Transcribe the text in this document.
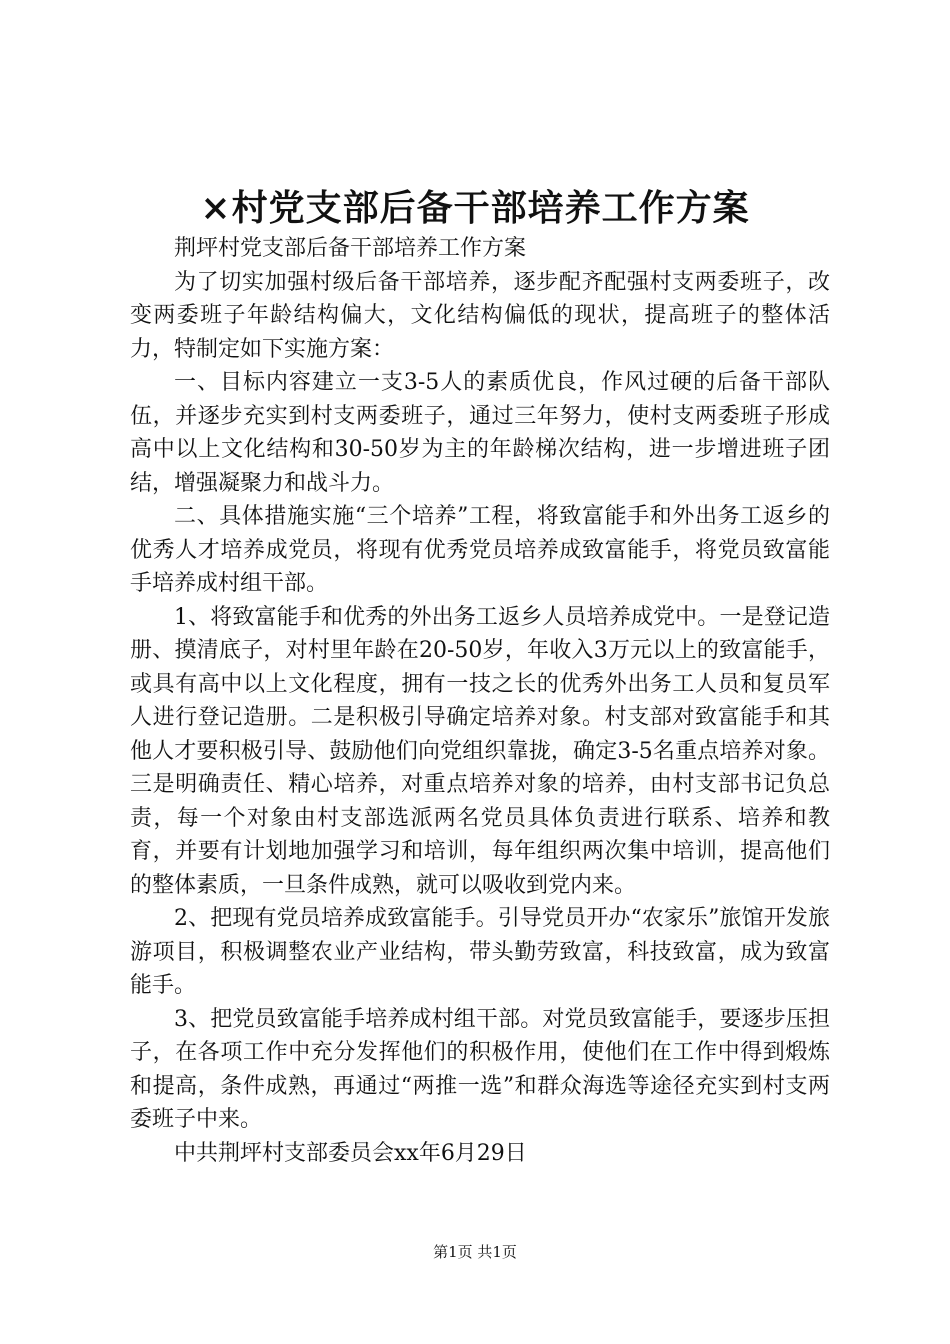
×村党支部后备干部培养工作方案

荆坪村党支部后备干部培养工作方案

为了切实加强村级后备干部培养，逐步配齐配强村支两委班子，改变两委班子年龄结构偏大，文化结构偏低的现状，提高班子的整体活力，特制定如下实施方案：

一、目标内容建立一支3-5人的素质优良，作风过硬的后备干部队伍，并逐步充实到村支两委班子，通过三年努力，使村支两委班子形成高中以上文化结构和30-50岁为主的年龄梯次结构，进一步增进班子团结，增强凝聚力和战斗力。

二、具体措施实施“三个培养”工程，将致富能手和外出务工返乡的优秀人才培养成党员，将现有优秀党员培养成致富能手，将党员致富能手培养成村组干部。

1、将致富能手和优秀的外出务工返乡人员培养成党中。一是登记造册、摸清底子，对村里年龄在20-50岁，年收入3万元以上的致富能手，或具有高中以上文化程度，拥有一技之长的优秀外出务工人员和复员军人进行登记造册。二是积极引导确定培养对象。村支部对致富能手和其他人才要积极引导、鼓励他们向党组织靠拢，确定3-5名重点培养对象。三是明确责任、精心培养，对重点培养对象的培养，由村支部书记负总责，每一个对象由村支部选派两名党员具体负责进行联系、培养和教育，并要有计划地加强学习和培训，每年组织两次集中培训，提高他们的整体素质，一旦条件成熟，就可以吸收到党内来。

2、把现有党员培养成致富能手。引导党员开办“农家乐”旅馆开发旅游项目，积极调整农业产业结构，带头勤劳致富，科技致富，成为致富能手。

3、把党员致富能手培养成村组干部。对党员致富能手，要逐步压担子，在各项工作中充分发挥他们的积极作用，使他们在工作中得到煅炼和提高，条件成熟，再通过“两推一选”和群众海选等途径充实到村支两委班子中来。

中共荆坪村支部委员会xx年6月29日

第1页 共1页
